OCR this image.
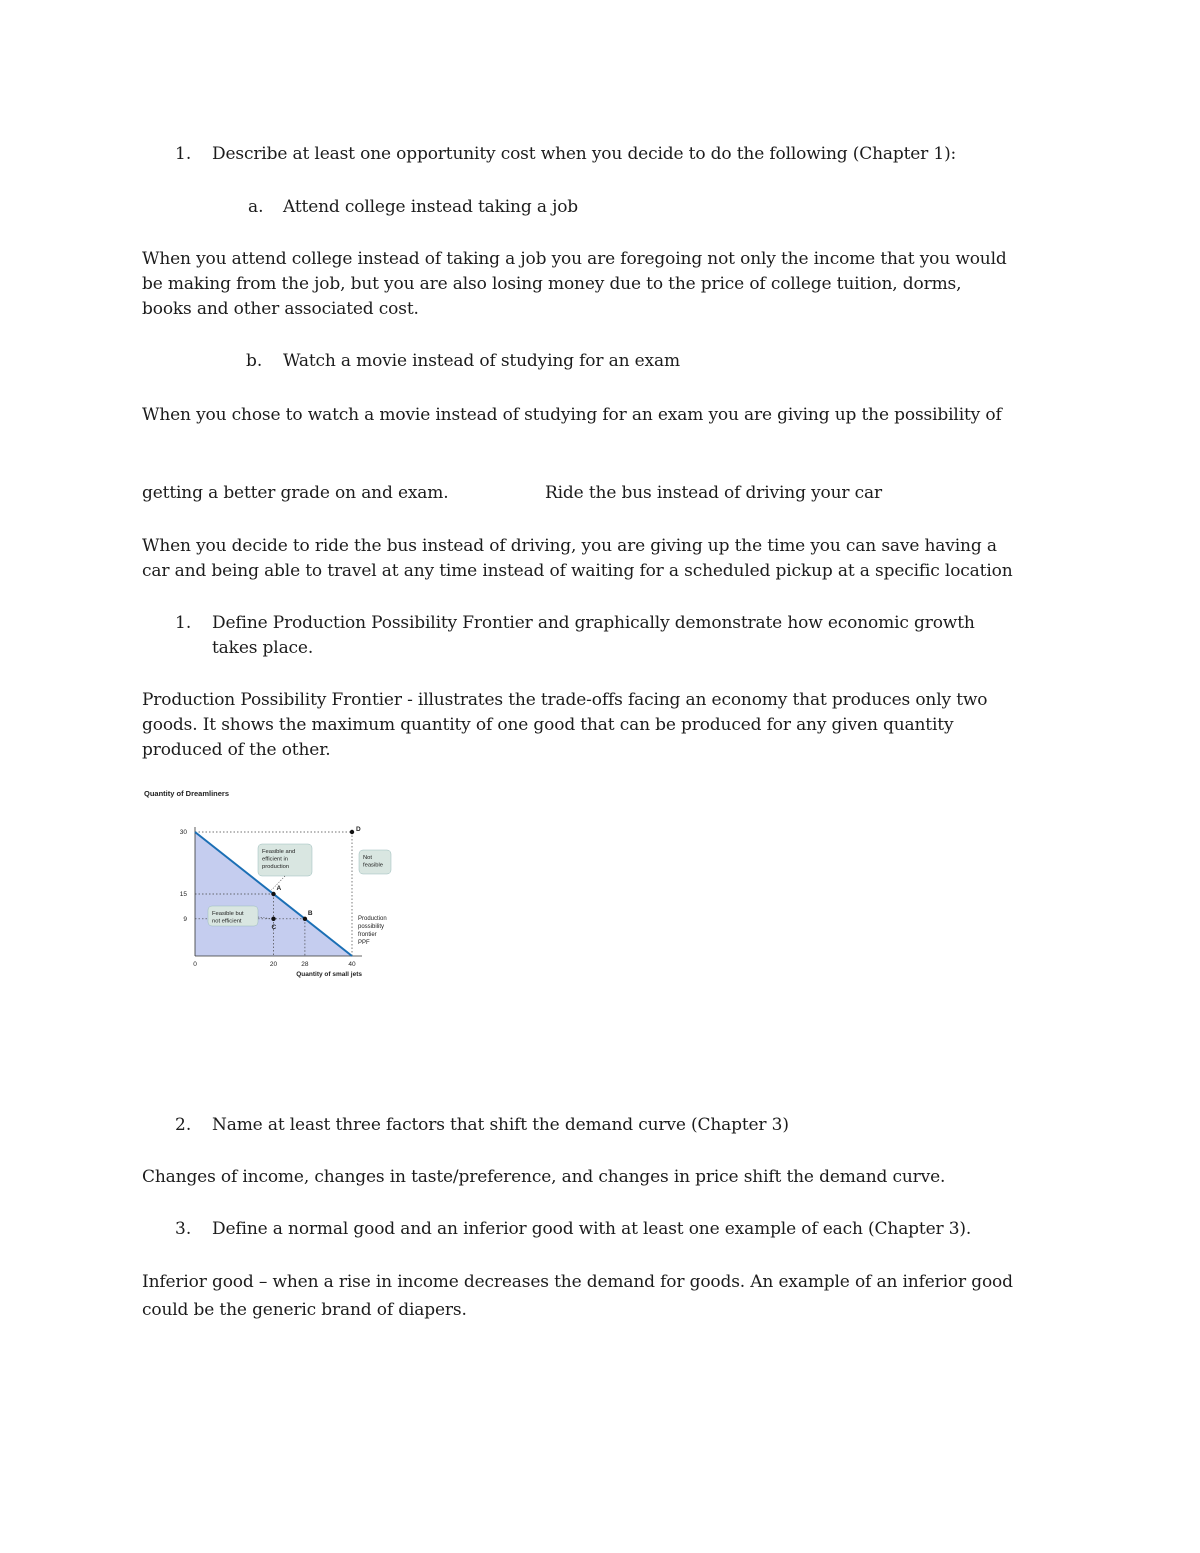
1. Describe at least one opportunity cost when you decide to do the following (Chapter 1):

a. Attend college instead taking a job

When you attend college instead of taking a job you are foregoing not only the income that you would

be making from the job, but you are also losing money due to the price of college tuition, dorms,

books and other associated cost.

b. Watch a movie instead of studying for an exam

When you chose to watch a movie instead of studying for an exam you are giving up the possibility of

getting a better grade on and exam.	Ride the bus instead of driving your car

When you decide to ride the bus instead of driving, you are giving up the time you can save having a

car and being able to travel at any time instead of waiting for a scheduled pickup at a specific location

1. Define Production Possibility Frontier and graphically demonstrate how economic growth

takes place.

Production Possibility Frontier - illustrates the trade-offs facing an economy that produces only two

goods. It shows the maximum quantity of one good that can be produced for any given quantity

produced of the other.

Quantity of Dreamliners
A
B
C
D
0	20	28	40
30
15
9
Quantity of small jets
Feasible and
efficient in
production
Feasible but
not efficient
Not
feasible
Production
possibility
frontier
PPF

2. Name at least three factors that shift the demand curve (Chapter 3)

Changes of income, changes in taste/preference, and changes in price shift the demand curve.

3. Define a normal good and an inferior good with at least one example of each (Chapter 3).

Inferior good – when a rise in income decreases the demand for goods. An example of an inferior good

could be the generic brand of diapers.
